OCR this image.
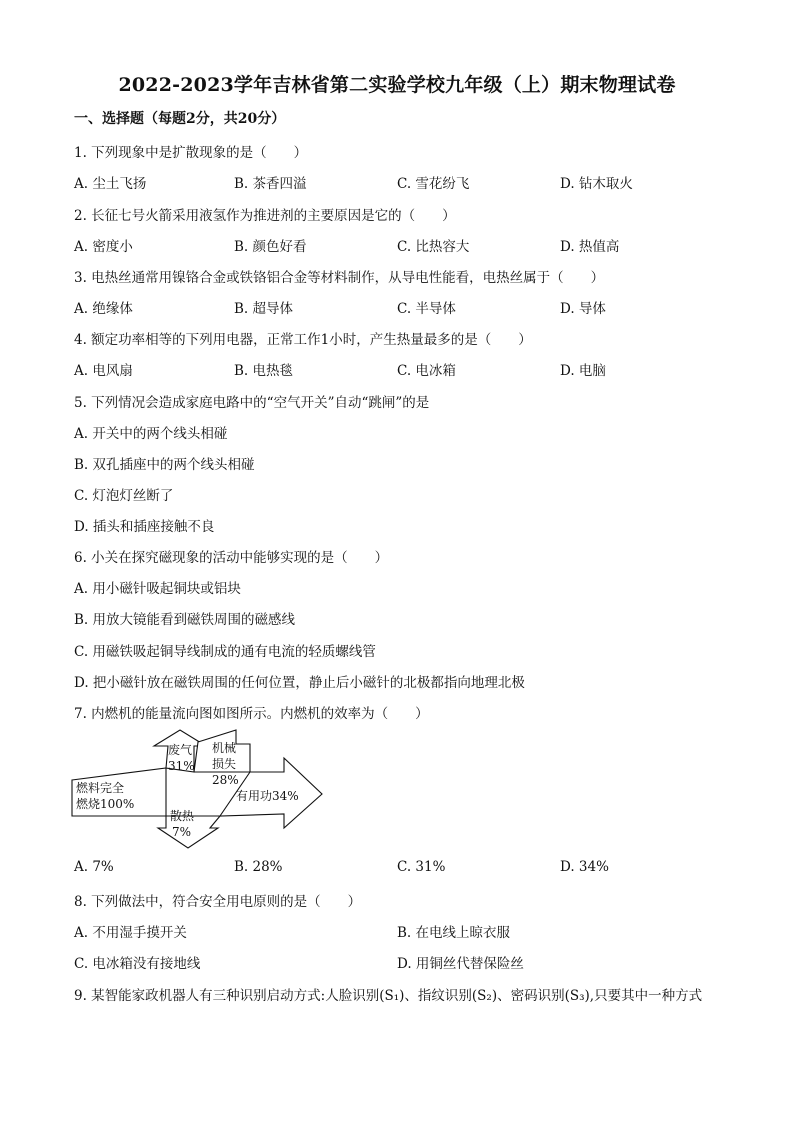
2022-2023学年吉林省第二实验学校九年级（上）期末物理试卷
一、选择题（每题2分，共20分）
1. 下列现象中是扩散现象的是（　　）
A. 尘土飞扬	B. 茶香四溢	C. 雪花纷飞	D. 钻木取火
2. 长征七号火箭采用液氢作为推进剂的主要原因是它的（　　）
A. 密度小	B. 颜色好看	C. 比热容大	D. 热值高
3. 电热丝通常用镍铬合金或铁铬铝合金等材料制作，从导电性能看，电热丝属于（　　）
A. 绝缘体	B. 超导体	C. 半导体	D. 导体
4. 额定功率相等的下列用电器，正常工作1小时，产生热量最多的是（　　）
A. 电风扇	B. 电热毯	C. 电冰箱	D. 电脑
5. 下列情况会造成家庭电路中的“空气开关”自动“跳闸”的是
A. 开关中的两个线头相碰
B. 双孔插座中的两个线头相碰
C. 灯泡灯丝断了
D. 插头和插座接触不良
6. 小关在探究磁现象的活动中能够实现的是（　　）
A. 用小磁针吸起铜块或铝块
B. 用放大镜能看到磁铁周围的磁感线
C. 用磁铁吸起铜导线制成的通有电流的轻质螺线管
D. 把小磁针放在磁铁周围的任何位置，静止后小磁针的北极都指向地理北极
7. 内燃机的能量流向图如图所示。内燃机的效率为（　　）
燃料完全
燃烧100%
废气
31%
机械
损失
28%
有用功34%
散热
7%
A. 7%	B. 28%	C. 31%	D. 34%
8. 下列做法中，符合安全用电原则的是（　　）
A. 不用湿手摸开关	B. 在电线上晾衣服
C. 电冰箱没有接地线	D. 用铜丝代替保险丝
9. 某智能家政机器人有三种识别启动方式:人脸识别(S₁)、指纹识别(S₂)、密码识别(S₃),只要其中一种方式
